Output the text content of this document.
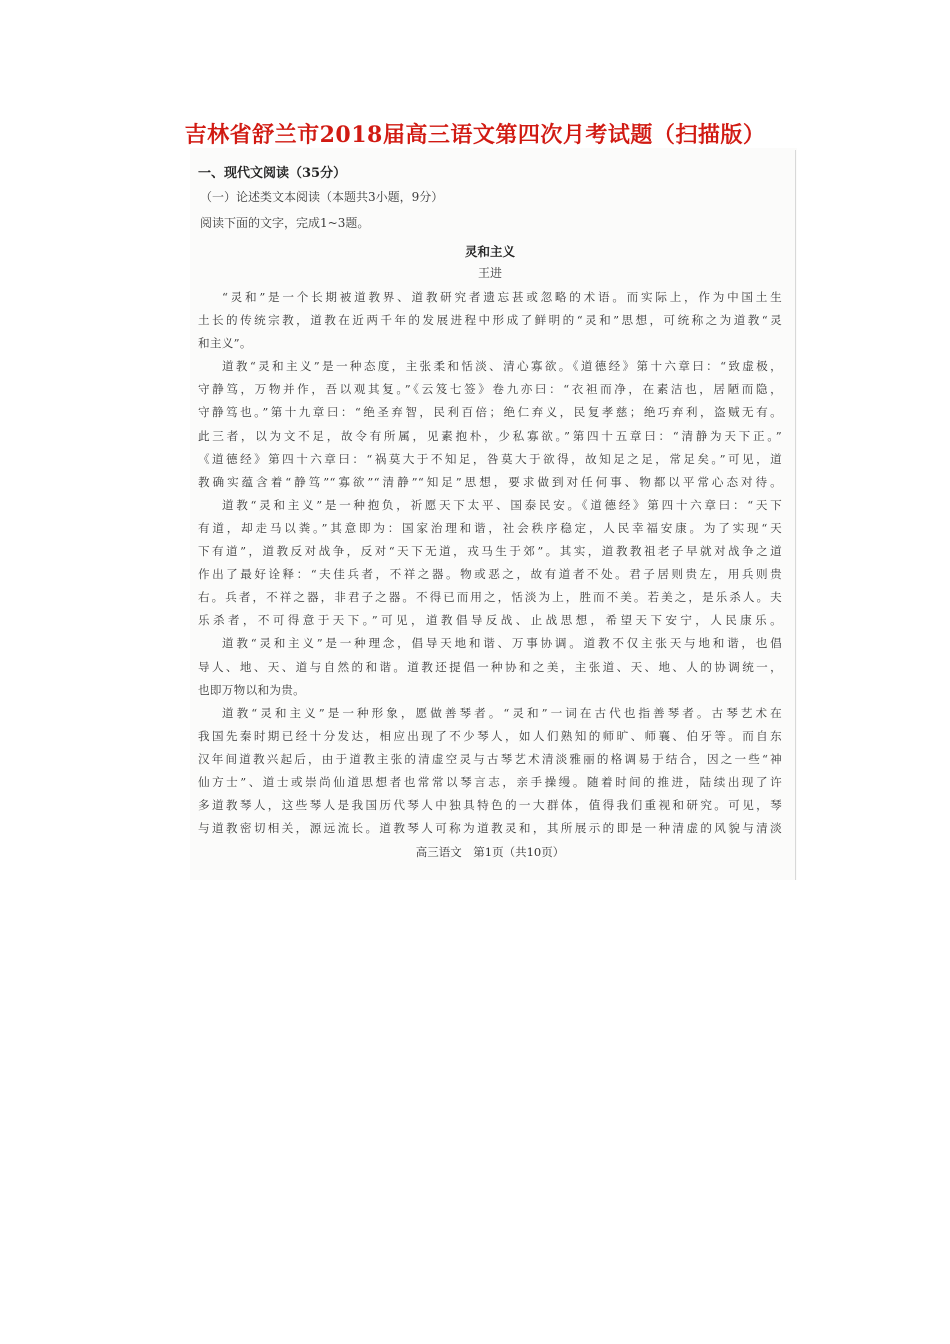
吉林省舒兰市2018届高三语文第四次月考试题（扫描版）
一、现代文阅读（35分）
（一）论述类文本阅读（本题共3小题，9分）
阅读下面的文字，完成1~3题。
灵和主义
王进
“灵和”是一个长期被道教界、道教研究者遗忘甚或忽略的术语。而实际上，作为中国土生
土长的传统宗教，道教在近两千年的发展进程中形成了鲜明的“灵和”思想，可统称之为道教“灵
和主义”。
道教“灵和主义”是一种态度，主张柔和恬淡、清心寡欲。《道德经》第十六章曰：“致虚极，
守静笃，万物并作，吾以观其复。”《云笈七签》卷九亦曰：“衣袒而净，在素洁也，居陋而隐，
守静笃也。”第十九章曰：“绝圣弃智，民利百倍；绝仁弃义，民复孝慈；绝巧弃利，盗贼无有。
此三者，以为文不足，故令有所属，见素抱朴，少私寡欲。”第四十五章曰：“清静为天下正。”
《道德经》第四十六章曰：“祸莫大于不知足，咎莫大于欲得，故知足之足，常足矣。”可见，道
教确实蕴含着“静笃”“寡欲”“清静”“知足”思想，要求做到对任何事、物都以平常心态对待。
道教“灵和主义”是一种抱负，祈愿天下太平、国泰民安。《道德经》第四十六章曰：“天下
有道，却走马以粪。”其意即为：国家治理和谐，社会秩序稳定，人民幸福安康。为了实现“天
下有道”，道教反对战争，反对“天下无道，戎马生于郊”。其实，道教教祖老子早就对战争之道
作出了最好诠释：“夫佳兵者，不祥之器。物或恶之，故有道者不处。君子居则贵左，用兵则贵
右。兵者，不祥之器，非君子之器。不得已而用之，恬淡为上，胜而不美。若美之，是乐杀人。夫
乐杀者，不可得意于天下。”可见，道教倡导反战、止战思想，希望天下安宁，人民康乐。
道教“灵和主义”是一种理念，倡导天地和谐、万事协调。道教不仅主张天与地和谐，也倡
导人、地、天、道与自然的和谐。道教还提倡一种协和之美，主张道、天、地、人的协调统一，
也即万物以和为贵。
道教“灵和主义”是一种形象，愿做善琴者。“灵和”一词在古代也指善琴者。古琴艺术在
我国先秦时期已经十分发达，相应出现了不少琴人，如人们熟知的师旷、师襄、伯牙等。而自东
汉年间道教兴起后，由于道教主张的清虚空灵与古琴艺术清淡雅丽的格调易于结合，因之一些“神
仙方士”、道士或崇尚仙道思想者也常常以琴言志，亲手操缦。随着时间的推进，陆续出现了许
多道教琴人，这些琴人是我国历代琴人中独具特色的一大群体，值得我们重视和研究。可见，琴
与道教密切相关，源远流长。道教琴人可称为道教灵和，其所展示的即是一种清虚的风貌与清淡
高三语文　第1页（共10页）
